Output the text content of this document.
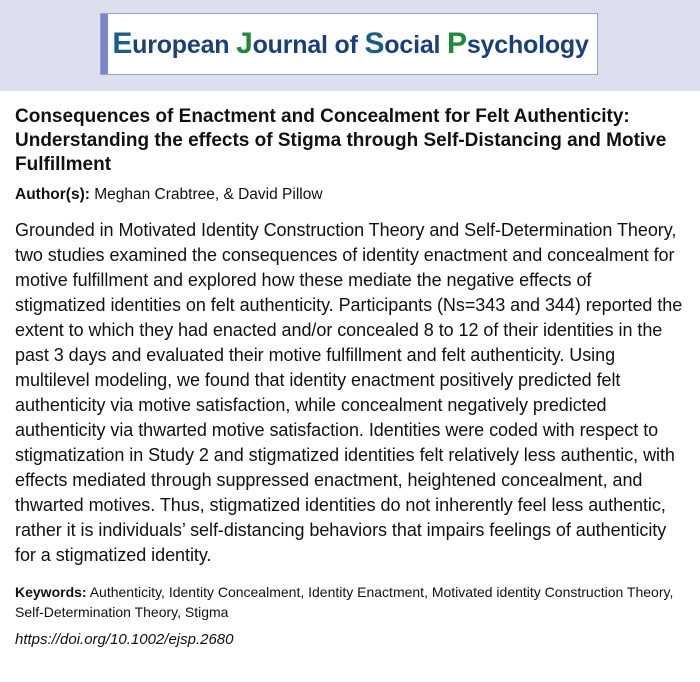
European Journal of Social Psychology
Consequences of Enactment and Concealment for Felt Authenticity: Understanding the effects of Stigma through Self-Distancing and Motive Fulfillment
Author(s): Meghan Crabtree, & David Pillow

Grounded in Motivated Identity Construction Theory and Self-Determination Theory, two studies examined the consequences of identity enactment and concealment for motive fulfillment and explored how these mediate the negative effects of stigmatized identities on felt authenticity. Participants (Ns=343 and 344) reported the extent to which they had enacted and/or concealed 8 to 12 of their identities in the past 3 days and evaluated their motive fulfillment and felt authenticity. Using multilevel modeling, we found that identity enactment positively predicted felt authenticity via motive satisfaction, while concealment negatively predicted authenticity via thwarted motive satisfaction. Identities were coded with respect to stigmatization in Study 2 and stigmatized identities felt relatively less authentic, with effects mediated through suppressed enactment, heightened concealment, and thwarted motives. Thus, stigmatized identities do not inherently feel less authentic, rather it is individuals’ self-distancing behaviors that impairs feelings of authenticity for a stigmatized identity.

Keywords: Authenticity, Identity Concealment, Identity Enactment, Motivated identity Construction Theory, Self-Determination Theory, Stigma
https://doi.org/10.1002/ejsp.2680
